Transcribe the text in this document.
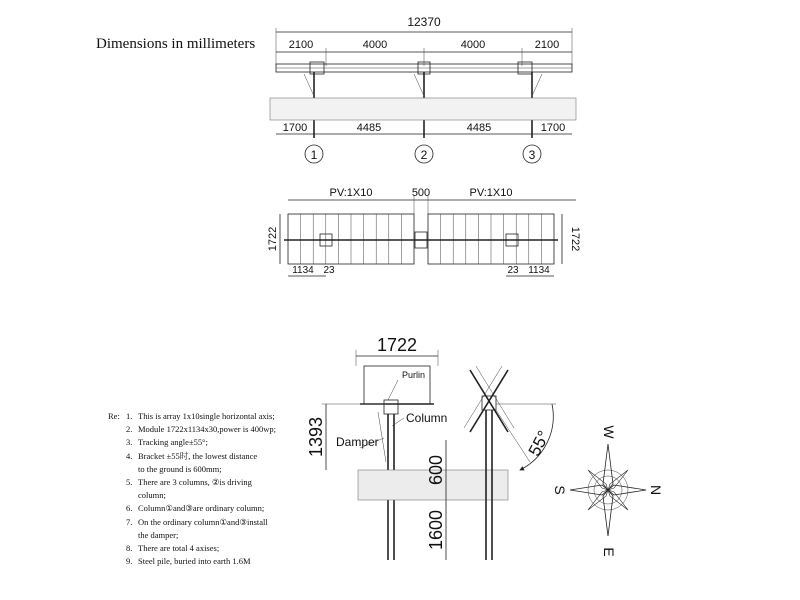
Dimensions in millimeters
12370
2100	4000	4000	2100
1700	4485	4485	1700
1	2	3
PV:1X10	500	PV:1X10
1722	1722
1134 23	23 1134
1722
Purlin
Column
Damper
1393
600
1600
55°	W
E
S	N
Re: 1. This is array 1x10single horizontal axis;
2. Module 1722x1134x30,power is 400wp;
3. Tracking angle±55°;
4. Bracket ±55时, the lowest distance
to the ground is 600mm;
5. There are 3 columns, ②is driving
column;
6. Column①and③are ordinary column;
7. On the ordinary column①and③install
the damper;
8. There are total 4 axises;
9. Steel pile, buried into earth 1.6M
